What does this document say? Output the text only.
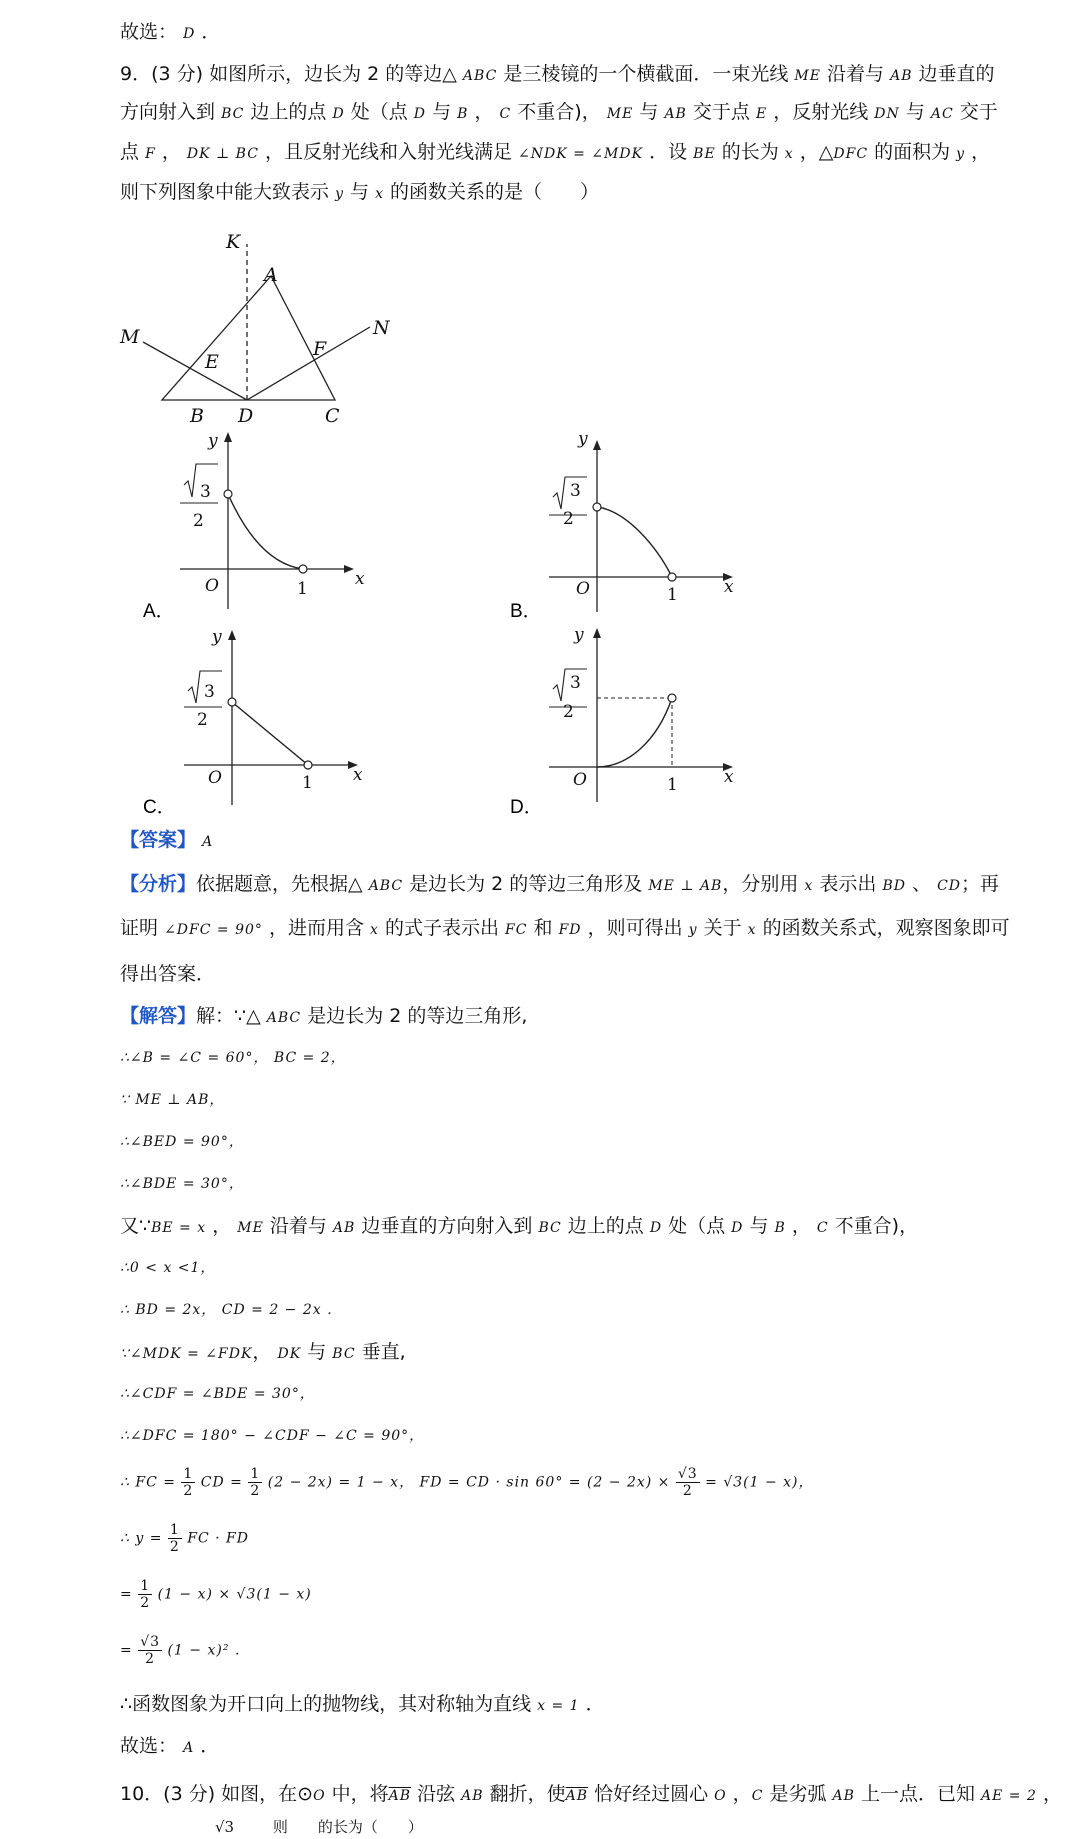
故选： D ．
9．(3 分) 如图所示，边长为 2 的等边△ ABC 是三棱镜的一个横截面．一束光线 ME 沿着与 AB 边垂直的
方向射入到 BC 边上的点 D 处（点 D 与 B ， C 不重合)， ME 与 AB 交于点 E ，反射光线 DN 与 AC 交于
点 F ， DK ⊥ BC ，且反射光线和入射光线满足 ∠NDK = ∠MDK ．设 BE 的长为 x ，△DFC 的面积为 y ，
则下列图象中能大致表示 y 与 x 的函数关系的是（　　）
K
A
M	N
E
F
B D	C
y
x
O	1
3
2
A．
y
x
O	1
3
2
B．
y
x
O	1
3
2
C．
y
x
O	1
3
2
D．
【答案】 A
【分析】依据题意，先根据△ ABC 是边长为 2 的等边三角形及 ME ⊥ AB，分别用 x 表示出 BD 、 CD；再
证明 ∠DFC = 90° ，进而用含 x 的式子表示出 FC 和 FD ，则可得出 y 关于 x 的函数关系式，观察图象即可
得出答案．
【解答】解：∵△ ABC 是边长为 2 的等边三角形,
∴∠B = ∠C = 60°， BC = 2，
∵ ME ⊥ AB，
∴∠BED = 90°，
∴∠BDE = 30°，
又∵BE = x ， ME 沿着与 AB 边垂直的方向射入到 BC 边上的点 D 处（点 D 与 B ， C 不重合)，
∴0 < x <1，
∴ BD = 2x， CD = 2 − 2x ．
∵∠MDK = ∠FDK， DK 与 BC 垂直,
∴∠CDF = ∠BDE = 30°，
∴∠DFC = 180° − ∠CDF − ∠C = 90°，
∴ FC = $\frac{1}{2}$ CD = $\frac{1}{2} (2 - 2x) = 1 - x$， FD = CD · $\sin 60^\circ = (2 - 2x) \times \frac{√3}{2} = √3(1 - x)$，
∴ $y = \frac{1}{2}$ FC · FD
= $\frac{1}{2} (1 - x) \times √3(1 - x)$
= $\frac{√3}{2} (1 - x)^2$ ．
∴函数图象为开口向上的抛物线，其对称轴为直线 x = 1 ．
故选： A ．
10．(3 分) 如图，在⊙O 中，将$\overline{AB}$ 沿弦 AB 翻折，使$\overline{AB}$ 恰好经过圆心 O ，C 是劣弧 AB 上一点．已知 AE = 2 ，
√3	则　　的长为（　　）
